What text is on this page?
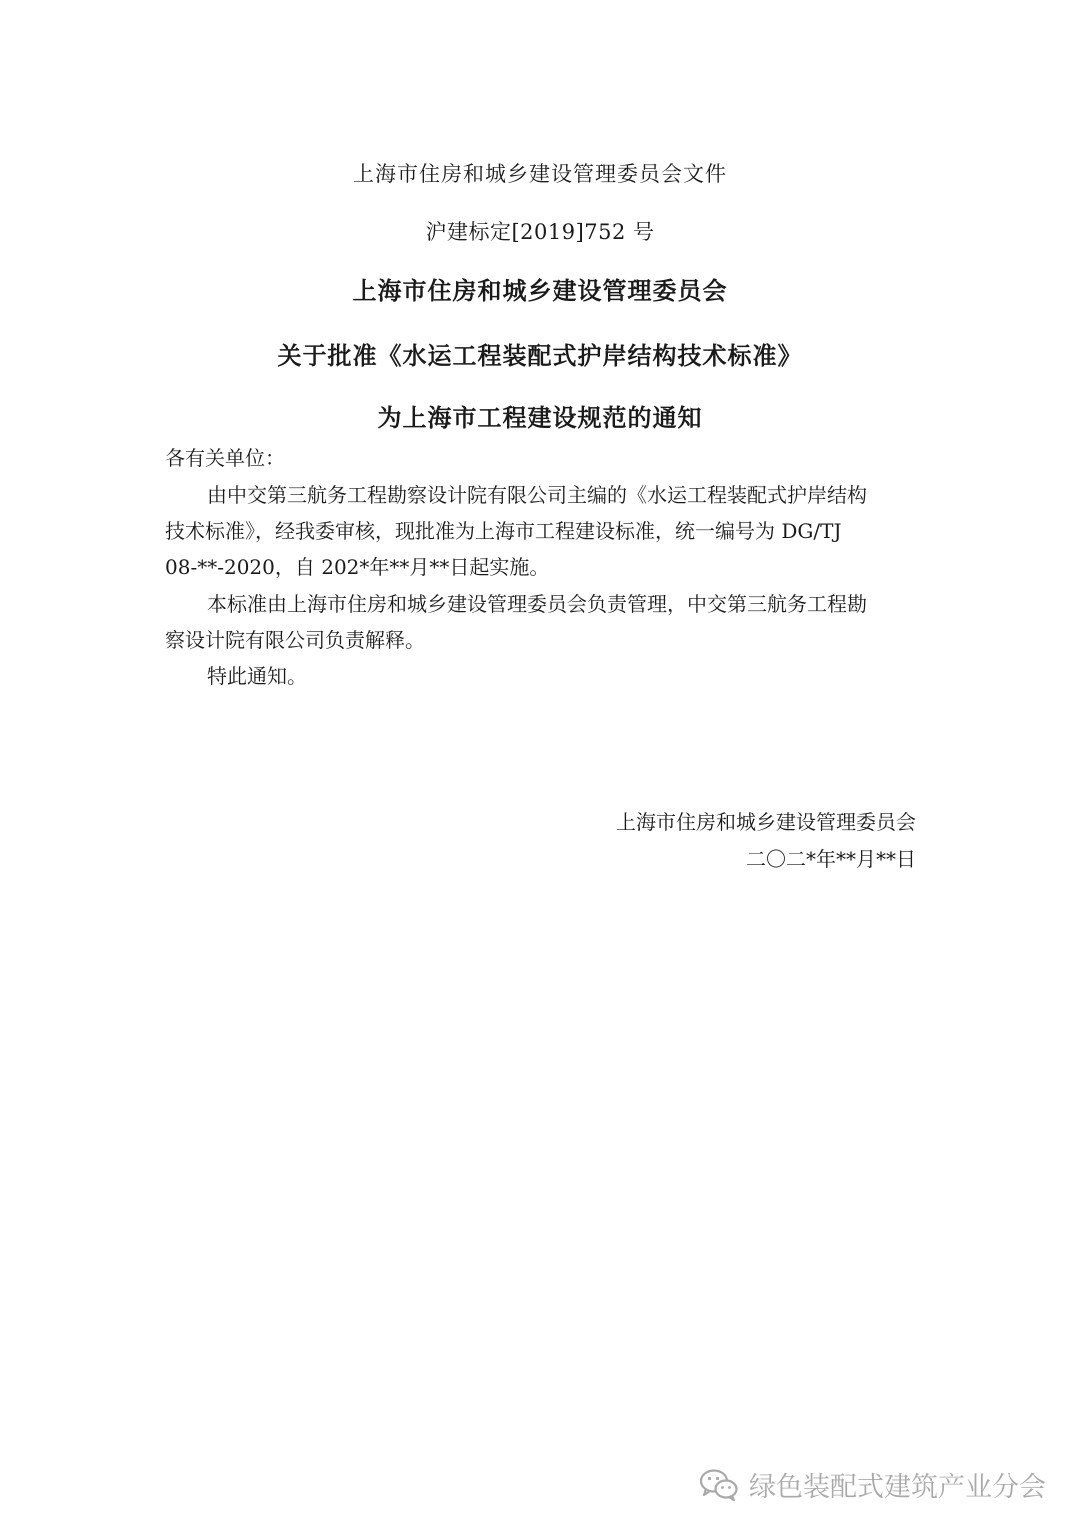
上海市住房和城乡建设管理委员会文件
沪建标定[2019]752 号
上海市住房和城乡建设管理委员会
关于批准《水运工程装配式护岸结构技术标准》
为上海市工程建设规范的通知
各有关单位：
由中交第三航务工程勘察设计院有限公司主编的《水运工程装配式护岸结构
技术标准》，经我委审核，现批准为上海市工程建设标准，统一编号为 DG/TJ
08-**-2020，自 202*年**月**日起实施。
本标准由上海市住房和城乡建设管理委员会负责管理，中交第三航务工程勘
察设计院有限公司负责解释。
特此通知。
上海市住房和城乡建设管理委员会
二〇二*年**月**日
绿色装配式建筑产业分会
